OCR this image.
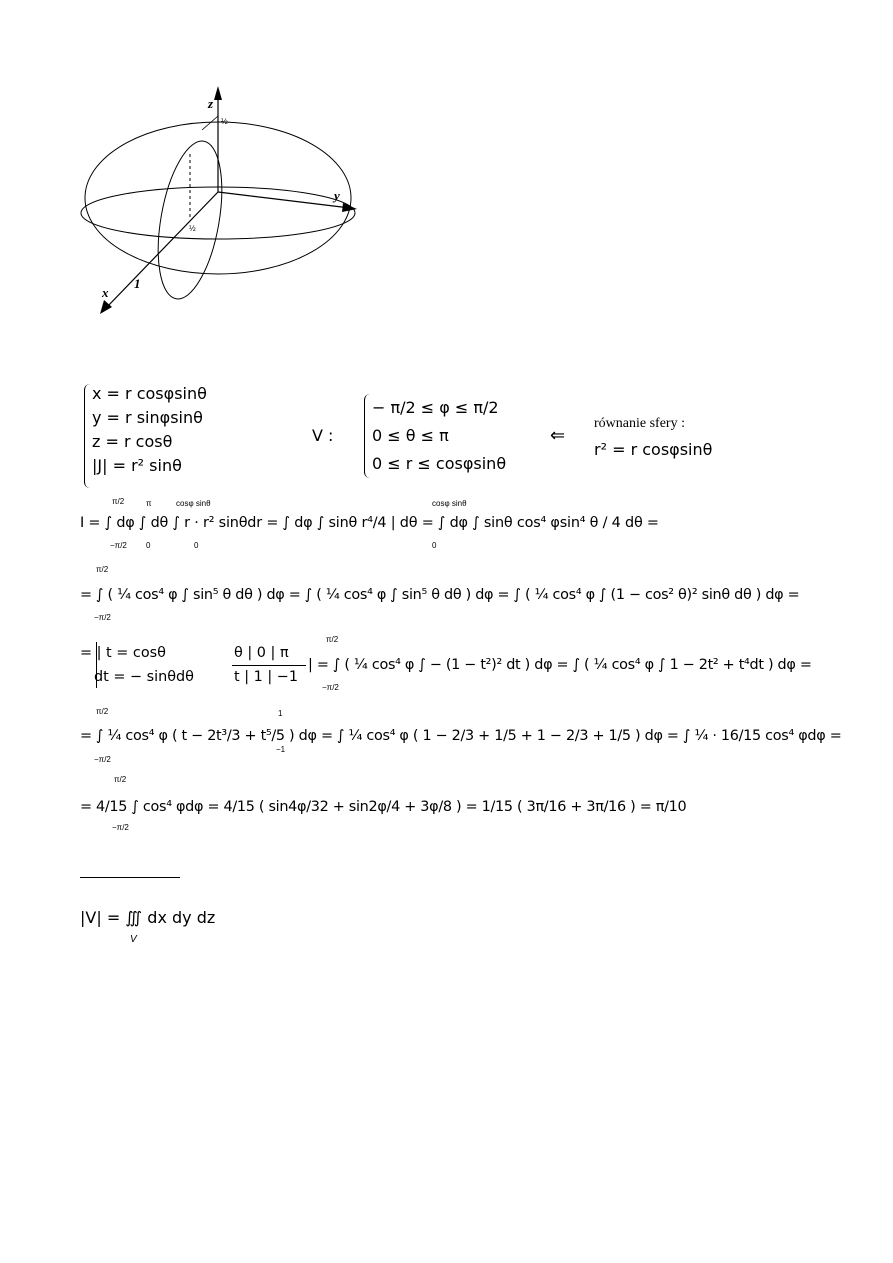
z
y
x
1
½
½
x = r cosφsinθ
y = r sinφsinθ
z = r cosθ
|J| = r² sinθ
V :
− π/2 ≤ φ ≤ π/2
0 ≤ θ ≤ π
0 ≤ r ≤ cosφsinθ
⇐
równanie sfery :
r² = r cosφsinθ
π/2
−π/2
π
0
cosφ sinθ
0
cosφ sinθ
0
I = ∫ dφ ∫ dθ ∫ r · r² sinθdr = ∫ dφ ∫ sinθ r⁴/4 | dθ = ∫ dφ ∫ sinθ cos⁴ φsin⁴ θ / 4 dθ =
π/2
−π/2
= ∫ ( ¼ cos⁴ φ ∫ sin⁵ θ dθ ) dφ = ∫ ( ¼ cos⁴ φ ∫ sin⁵ θ dθ ) dφ = ∫ ( ¼ cos⁴ φ ∫ (1 − cos² θ)² sinθ dθ ) dφ =
= | t = cosθ
dt = − sinθdθ
θ | 0 | π
t | 1 | −1
π/2
−π/2
| = ∫ ( ¼ cos⁴ φ ∫ − (1 − t²)² dt ) dφ = ∫ ( ¼ cos⁴ φ ∫ 1 − 2t² + t⁴dt ) dφ =
π/2
−π/2
1
−1
= ∫ ¼ cos⁴ φ ( t − 2t³/3 + t⁵/5 ) dφ = ∫ ¼ cos⁴ φ ( 1 − 2/3 + 1/5 + 1 − 2/3 + 1/5 ) dφ = ∫ ¼ · 16/15 cos⁴ φdφ =
π/2
−π/2
= 4/15 ∫ cos⁴ φdφ = 4/15 ( sin4φ/32 + sin2φ/4 + 3φ/8 ) = 1/15 ( 3π/16 + 3π/16 ) = π/10
|V| = ∭ dx dy dz
V
